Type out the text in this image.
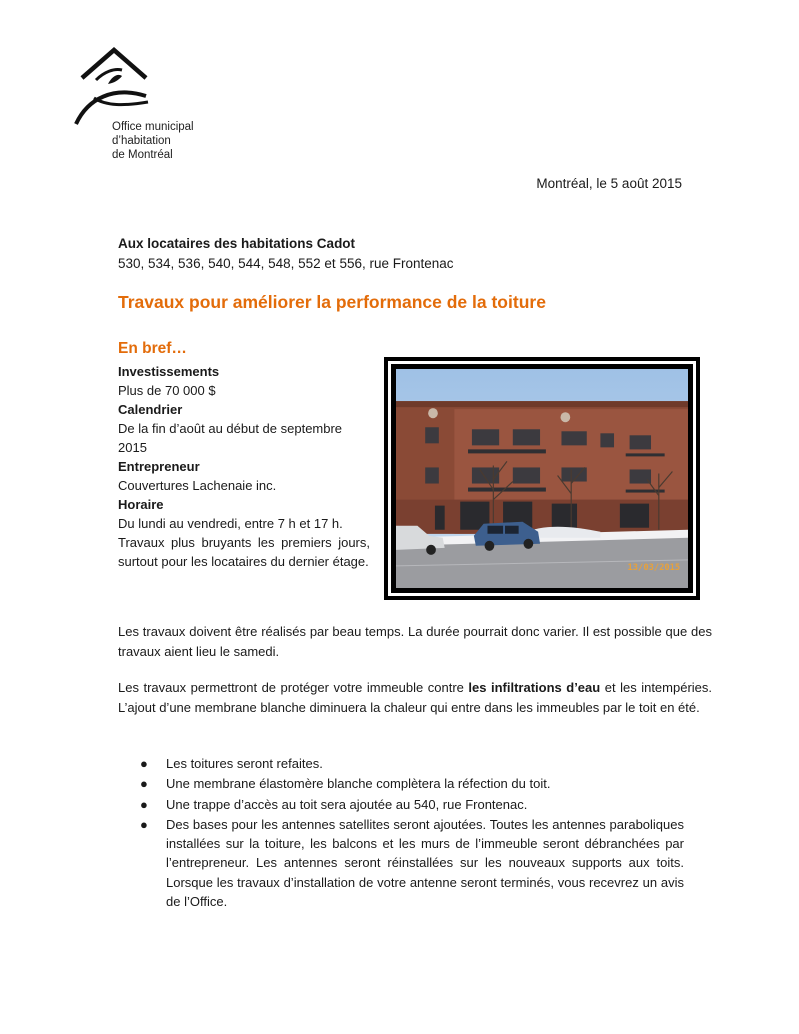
Office municipal
d’habitation
de Montréal
Montréal, le 5 août 2015
Aux locataires des habitations Cadot
530, 534, 536, 540, 544, 548, 552 et 556, rue Frontenac
Travaux pour améliorer la performance de la toiture
En bref…
Investissements
Plus de 70 000 $
Calendrier
De la fin d’août au début de septembre 2015
Entrepreneur
Couvertures Lachenaie inc.
Horaire
Du lundi au vendredi, entre 7 h et 17 h.
Travaux plus bruyants les premiers jours, surtout pour les locataires du dernier étage.	13/03/2015

Les travaux doivent être réalisés par beau temps. La durée pourrait donc varier. Il est possible que des travaux aient lieu le samedi.

Les travaux permettront de protéger votre immeuble contre les infiltrations d’eau et les intempéries. L’ajout d’une membrane blanche diminuera la chaleur qui entre dans les immeubles par le toit en été.

● Les toitures seront refaites.
● Une membrane élastomère blanche complètera la réfection du toit.
● Une trappe d’accès au toit sera ajoutée au 540, rue Frontenac.
● Des bases pour les antennes satellites seront ajoutées. Toutes les antennes paraboliques installées sur la toiture, les balcons et les murs de l’immeuble seront débranchées par l’entrepreneur. Les antennes seront réinstallées sur les nouveaux supports aux toits. Lorsque les travaux d’installation de votre antenne seront terminés, vous recevrez un avis de l’Office.
